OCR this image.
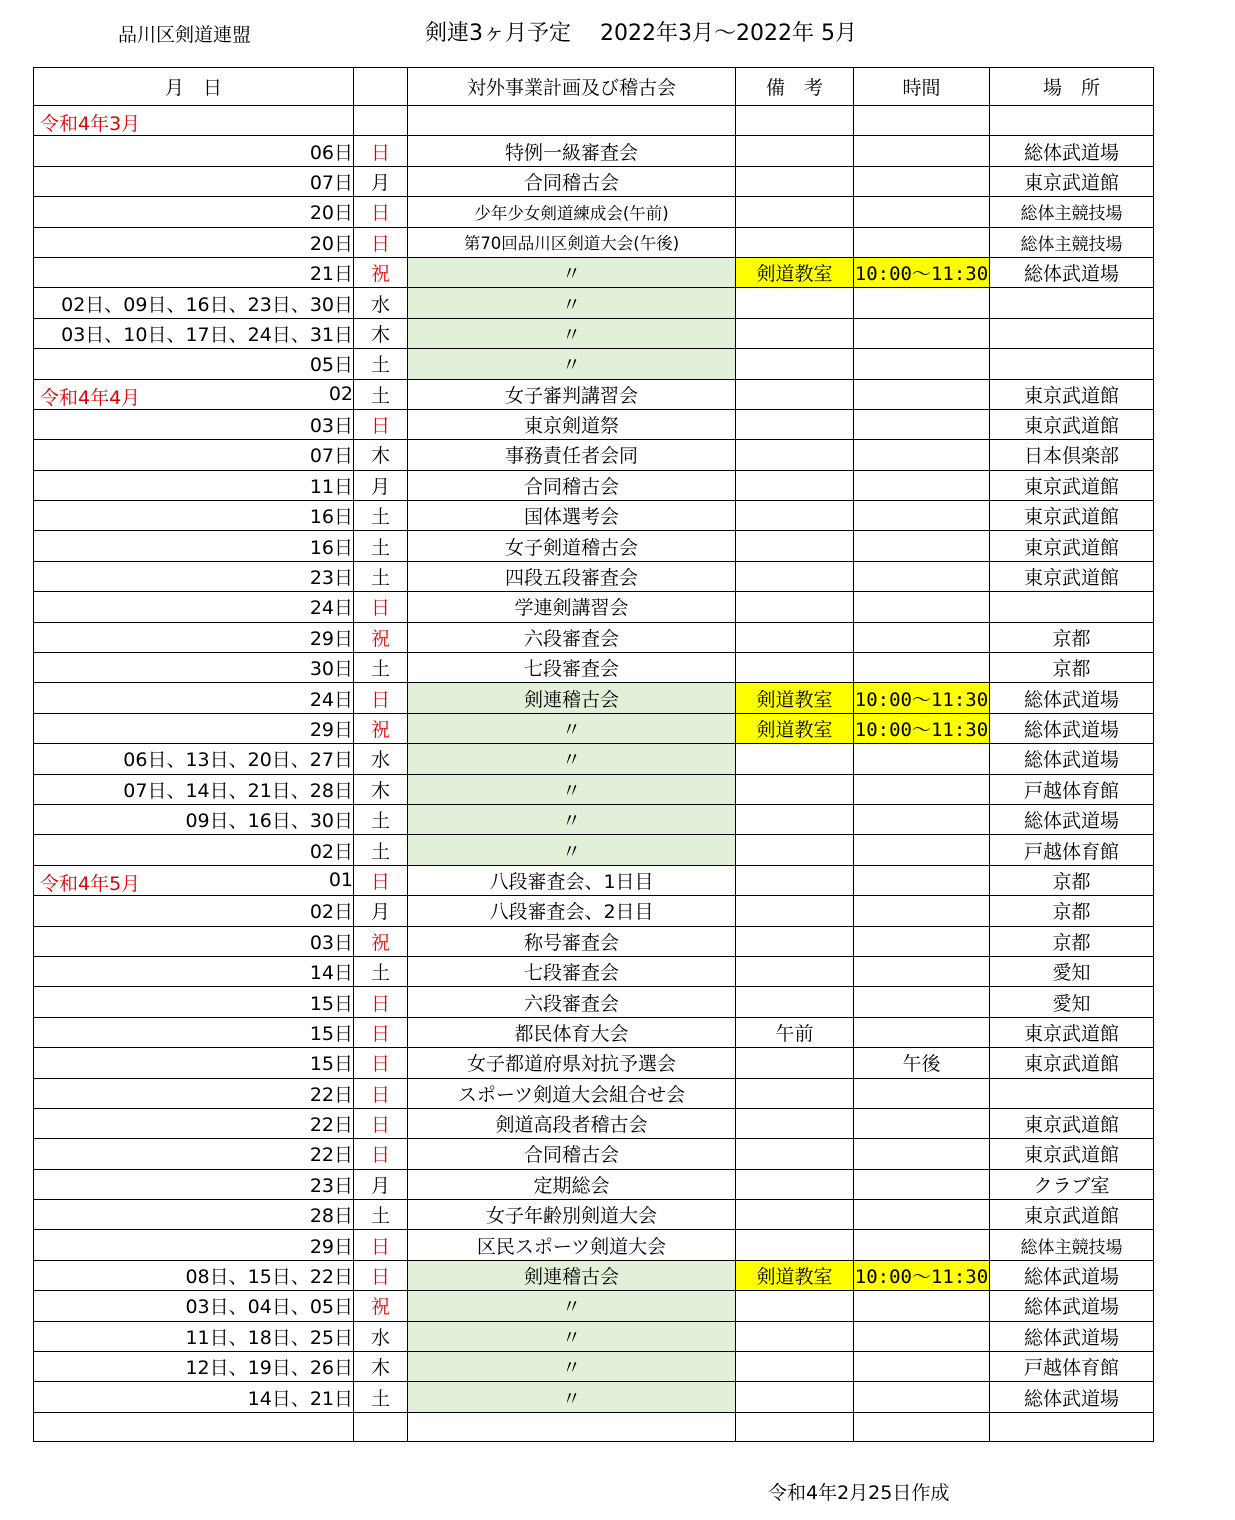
品川区剣道連盟	剣連3ヶ月予定　 2022年3月～2022年 5月
月　日		対外事業計画及び稽古会	備　考	時間	場　所

令和4年3月					

06日	日	特例一級審査会			総体武道場
07日	月	合同稽古会			東京武道館
20日	日	少年少女剣道練成会(午前)			総体主競技場
20日	日	第70回品川区剣道大会(午後)			総体主競技場
21日	祝	〃	剣道教室	10:00～11:30	総体武道場
02日、09日、16日、23日、30日	水	〃			
03日、10日、17日、24日、31日	木	〃			
05日	土	〃			

令和4年4月 02	土	女子審判講習会			東京武道館
03日	日	東京剣道祭			東京武道館
07日	木	事務責任者会同			日本倶楽部
11日	月	合同稽古会			東京武道館
16日	土	国体選考会			東京武道館
16日	土	女子剣道稽古会			東京武道館
23日	土	四段五段審査会			東京武道館
24日	日	学連剣講習会			
29日	祝	六段審査会			京都
30日	土	七段審査会			京都
24日	日	剣連稽古会	剣道教室	10:00～11:30	総体武道場
29日	祝	〃	剣道教室	10:00～11:30	総体武道場
06日、13日、20日、27日	水	〃			総体武道場
07日、14日、21日、28日	木	〃			戸越体育館
09日、16日、30日	土	〃			総体武道場
02日	土	〃			戸越体育館

令和4年5月 01	日	八段審査会、1日目			京都
02日	月	八段審査会、2日目			京都
03日	祝	称号審査会			京都
14日	土	七段審査会			愛知
15日	日	六段審査会			愛知
15日	日	都民体育大会	午前		東京武道館
15日	日	女子都道府県対抗予選会		午後	東京武道館
22日	日	スポーツ剣道大会組合せ会			
22日	日	剣道高段者稽古会			東京武道館
22日	日	合同稽古会			東京武道館
23日	月	定期総会			クラブ室
28日	土	女子年齢別剣道大会			東京武道館
29日	日	区民スポーツ剣道大会			総体主競技場
08日、15日、22日	日	剣連稽古会	剣道教室	10:00～11:30	総体武道場
03日、04日、05日	祝	〃			総体武道場
11日、18日、25日	水	〃			総体武道場
12日、19日、26日	木	〃			戸越体育館
14日、21日	土	〃			総体武道場

令和4年2月25日作成
